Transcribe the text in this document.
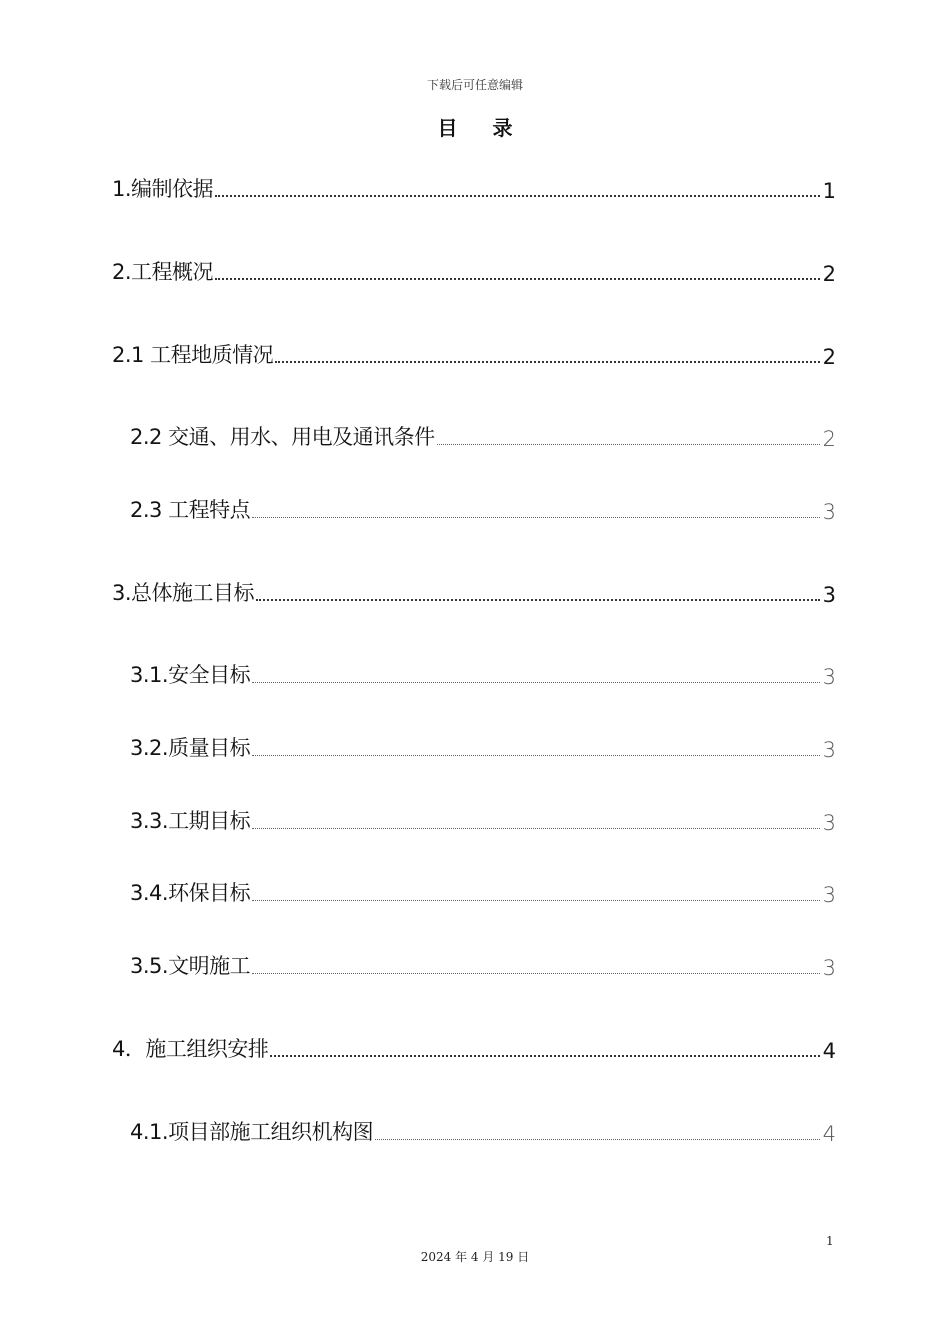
下载后可任意编辑
目 录
1.编制依据	1
2.工程概况	2
2.1 工程地质情况	2
2.2 交通、用水、用电及通讯条件	2
2.3 工程特点	3
3.总体施工目标	3
3.1.安全目标	3
3.2.质量目标	3
3.3.工期目标	3
3.4.环保目标	3
3.5.文明施工	3
4．施工组织安排	4
4.1.项目部施工组织机构图	4
1
2024 年 4 月 19 日
